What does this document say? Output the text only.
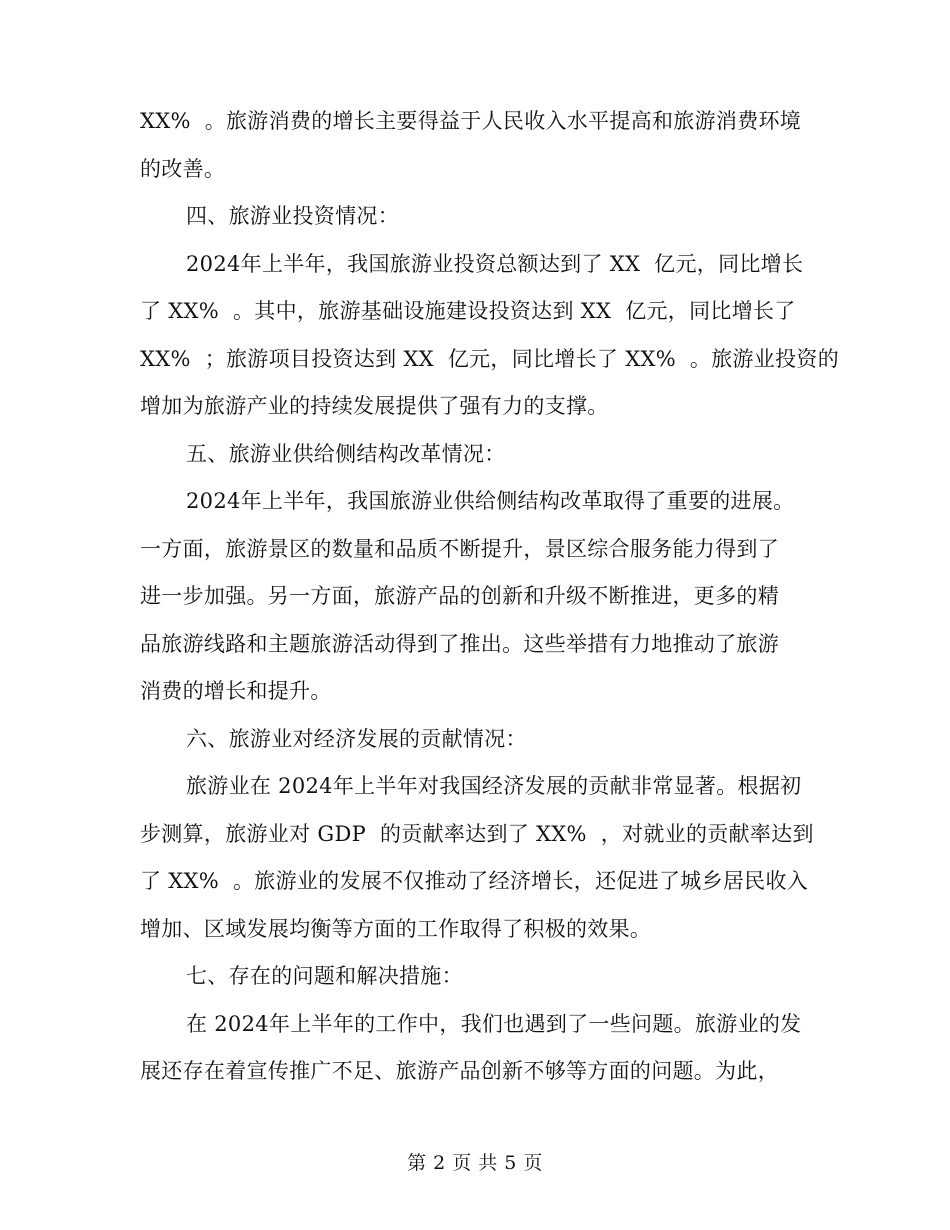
XX%  。旅游消费的增长主要得益于人民收入水平提高和旅游消费环境
的改善。
四、旅游业投资情况：
2024年上半年，我国旅游业投资总额达到了 XX  亿元，同比增长
了 XX%  。其中，旅游基础设施建设投资达到 XX  亿元，同比增长了
XX%  ；旅游项目投资达到 XX  亿元，同比增长了 XX%  。旅游业投资的
增加为旅游产业的持续发展提供了强有力的支撑。
五、旅游业供给侧结构改革情况：
2024年上半年，我国旅游业供给侧结构改革取得了重要的进展。
一方面，旅游景区的数量和品质不断提升，景区综合服务能力得到了
进一步加强。另一方面，旅游产品的创新和升级不断推进，更多的精
品旅游线路和主题旅游活动得到了推出。这些举措有力地推动了旅游
消费的增长和提升。
六、旅游业对经济发展的贡献情况：
旅游业在 2024年上半年对我国经济发展的贡献非常显著。根据初
步测算，旅游业对 GDP  的贡献率达到了 XX%  ，对就业的贡献率达到
了 XX%  。旅游业的发展不仅推动了经济增长，还促进了城乡居民收入
增加、区域发展均衡等方面的工作取得了积极的效果。
七、存在的问题和解决措施：
在 2024年上半年的工作中，我们也遇到了一些问题。旅游业的发
展还存在着宣传推广不足、旅游产品创新不够等方面的问题。为此，
第 2 页 共 5 页
